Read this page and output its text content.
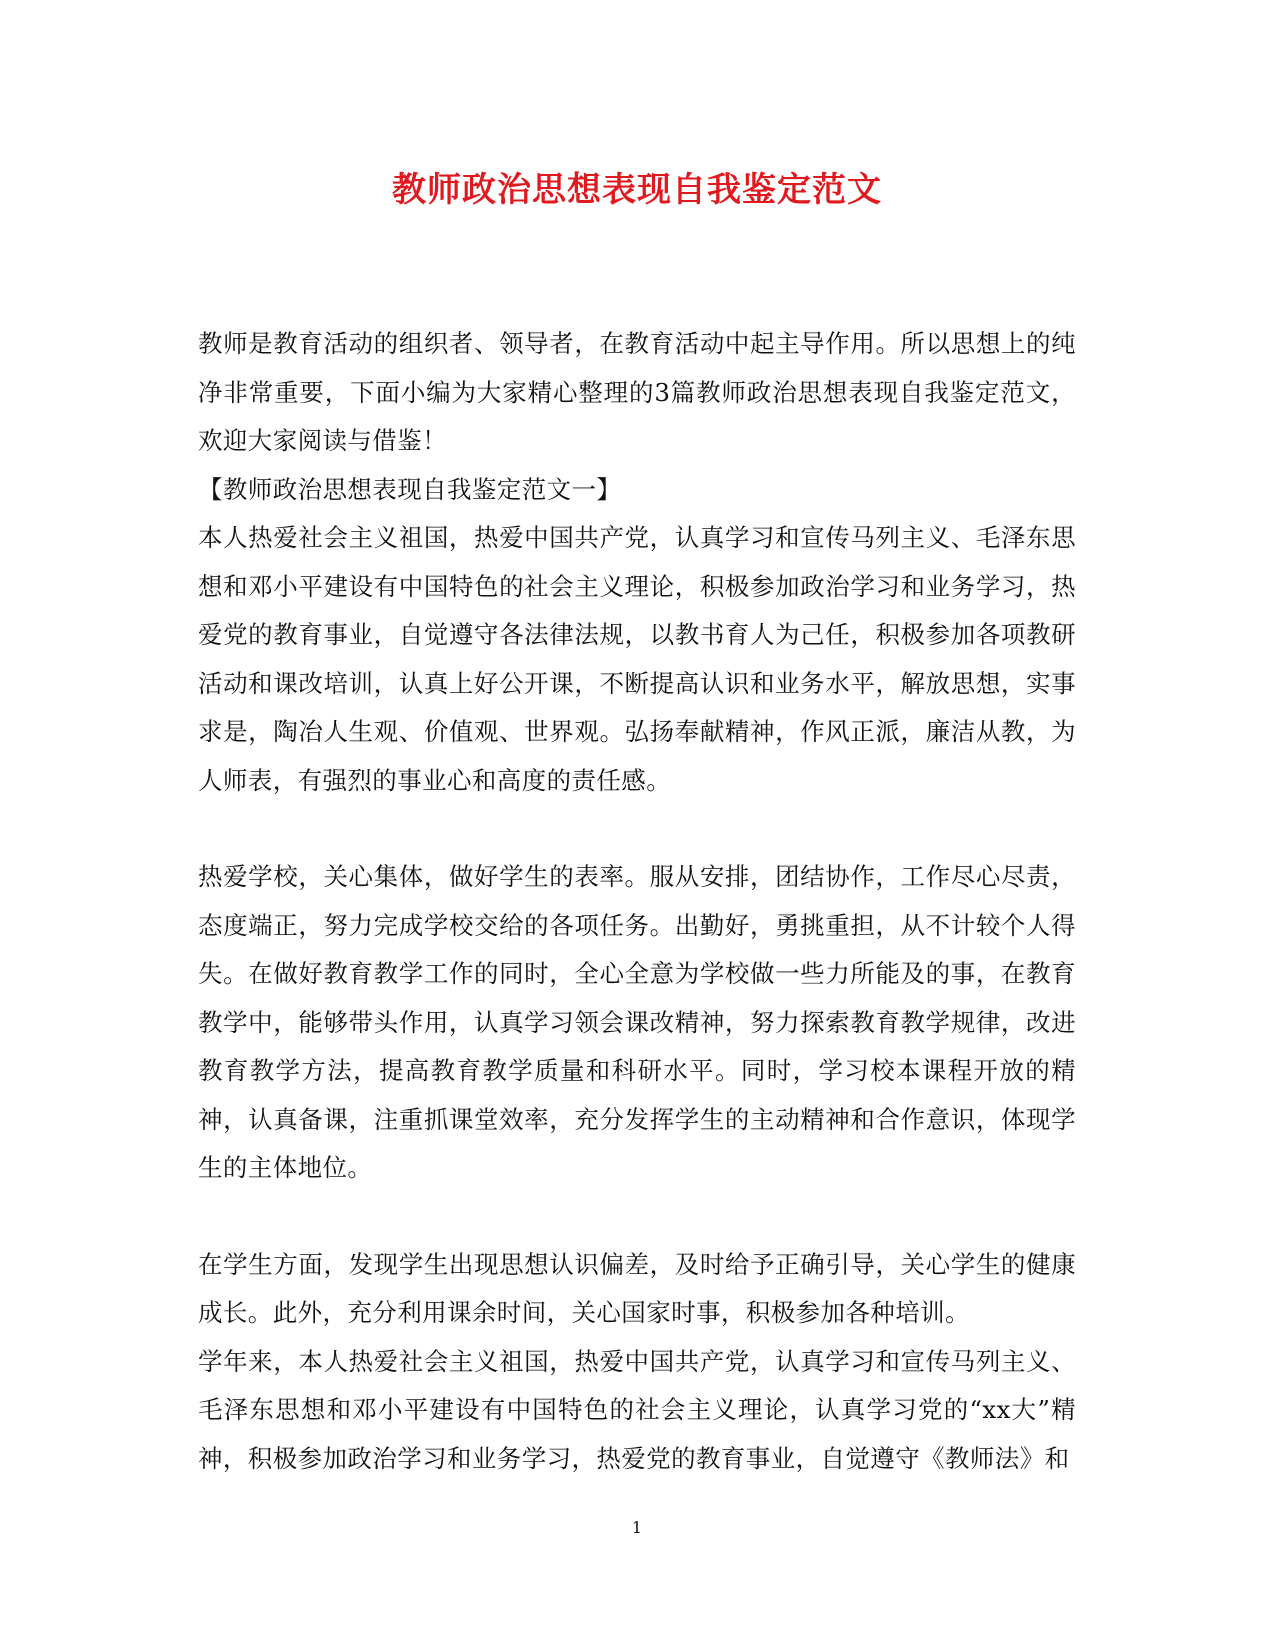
教师政治思想表现自我鉴定范文

教师是教育活动的组织者、领导者，在教育活动中起主导作用。所以思想上的纯净非常重要，下面小编为大家精心整理的3篇教师政治思想表现自我鉴定范文，欢迎大家阅读与借鉴！

【教师政治思想表现自我鉴定范文一】

本人热爱社会主义祖国，热爱中国共产党，认真学习和宣传马列主义、毛泽东思想和邓小平建设有中国特色的社会主义理论，积极参加政治学习和业务学习，热爱党的教育事业，自觉遵守各法律法规，以教书育人为己任，积极参加各项教研活动和课改培训，认真上好公开课，不断提高认识和业务水平，解放思想，实事求是，陶冶人生观、价值观、世界观。弘扬奉献精神，作风正派，廉洁从教，为人师表，有强烈的事业心和高度的责任感。

热爱学校，关心集体，做好学生的表率。服从安排，团结协作，工作尽心尽责，态度端正，努力完成学校交给的各项任务。出勤好，勇挑重担，从不计较个人得失。在做好教育教学工作的同时，全心全意为学校做一些力所能及的事，在教育教学中，能够带头作用，认真学习领会课改精神，努力探索教育教学规律，改进教育教学方法，提高教育教学质量和科研水平。同时，学习校本课程开放的精神，认真备课，注重抓课堂效率，充分发挥学生的主动精神和合作意识，体现学生的主体地位。

在学生方面，发现学生出现思想认识偏差，及时给予正确引导，关心学生的健康成长。此外，充分利用课余时间，关心国家时事，积极参加各种培训。

学年来，本人热爱社会主义祖国，热爱中国共产党，认真学习和宣传马列主义、毛泽东思想和邓小平建设有中国特色的社会主义理论，认真学习党的“xx大”精神，积极参加政治学习和业务学习，热爱党的教育事业，自觉遵守《教师法》和

1
